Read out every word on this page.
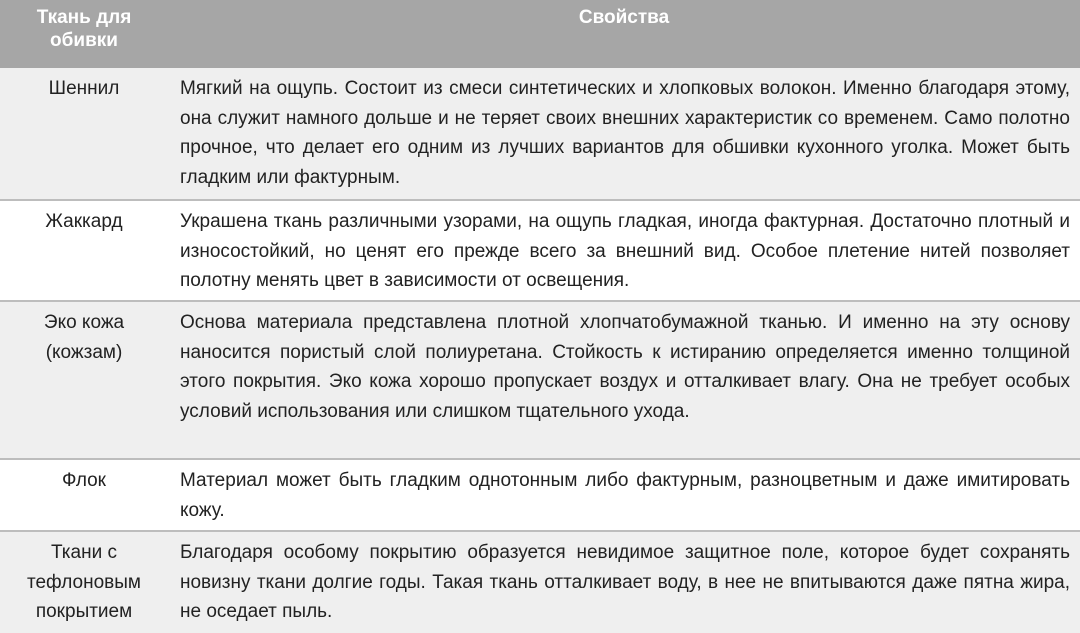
Ткань для
обивки	Свойства

Шеннил	Мягкий на ощупь. Состоит из смеси синтетических и хлопковых волокон. Именно благодаря этому, она служит намного дольше и не теряет своих внешних характеристик со временем. Само полотно прочное, что делает его одним из лучших вариантов для обшивки кухонного уголка. Может быть гладким или фактурным.

Жаккард	Украшена ткань различными узорами, на ощупь гладкая, иногда фактурная. Достаточно плотный и износостойкий, но ценят его прежде всего за внешний вид. Особое плетение нитей позволяет полотну менять цвет в зависимости от освещения.

Эко кожа
(кожзам)	Основа материала представлена плотной хлопчатобумажной тканью. И именно на эту основу наносится пористый слой полиуретана. Стойкость к истиранию определяется именно толщиной этого покрытия. Эко кожа хорошо пропускает воздух и отталкивает влагу. Она не требует особых условий использования или слишком тщательного ухода.

Флок	Материал может быть гладким однотонным либо фактурным, разноцветным и даже имитировать кожу.

Ткани с
тефлоновым
покрытием	Благодаря особому покрытию образуется невидимое защитное поле, которое будет сохранять новизну ткани долгие годы. Такая ткань отталкивает воду, в нее не впитываются даже пятна жира, не оседает пыль.
